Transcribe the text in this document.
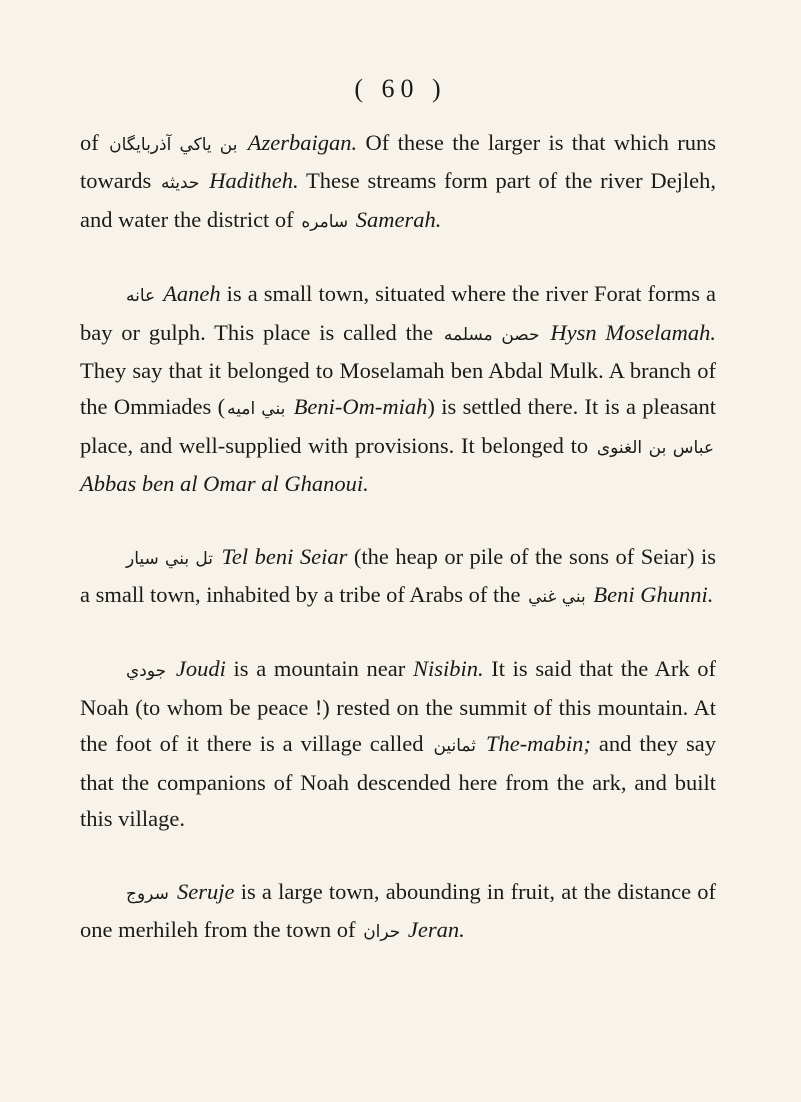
( 60 )

of بن ياكي آذربايگان Azerbaigan. Of these the larger is that which runs towards حديثه Haditheh. These streams form part of the river Dejleh, and water the district of سامره Samerah.

عانه Aaneh is a small town, situated where the river Forat forms a bay or gulph. This place is called the حصن مسلمه Hysn Moselamah. They say that it belonged to Moselamah ben Abdal Mulk. A branch of the Ommiades ( بني اميه Beni-Om-miah) is settled there. It is a pleasant place, and well-supplied with provisions. It belonged to عباس بن الغنوى Abbas ben al Omar al Ghanoui.

تل بني سيار Tel beni Seiar (the heap or pile of the sons of Seiar) is a small town, inhabited by a tribe of Arabs of the بني غني Beni Ghunni.

جودي Joudi is a mountain near Nisibin. It is said that the Ark of Noah (to whom be peace !) rested on the summit of this mountain. At the foot of it there is a village called ثمانين The-mabin; and they say that the companions of Noah descended here from the ark, and built this village.

سروج Seruje is a large town, abounding in fruit, at the distance of one merhileh from the town of حران Jeran.
